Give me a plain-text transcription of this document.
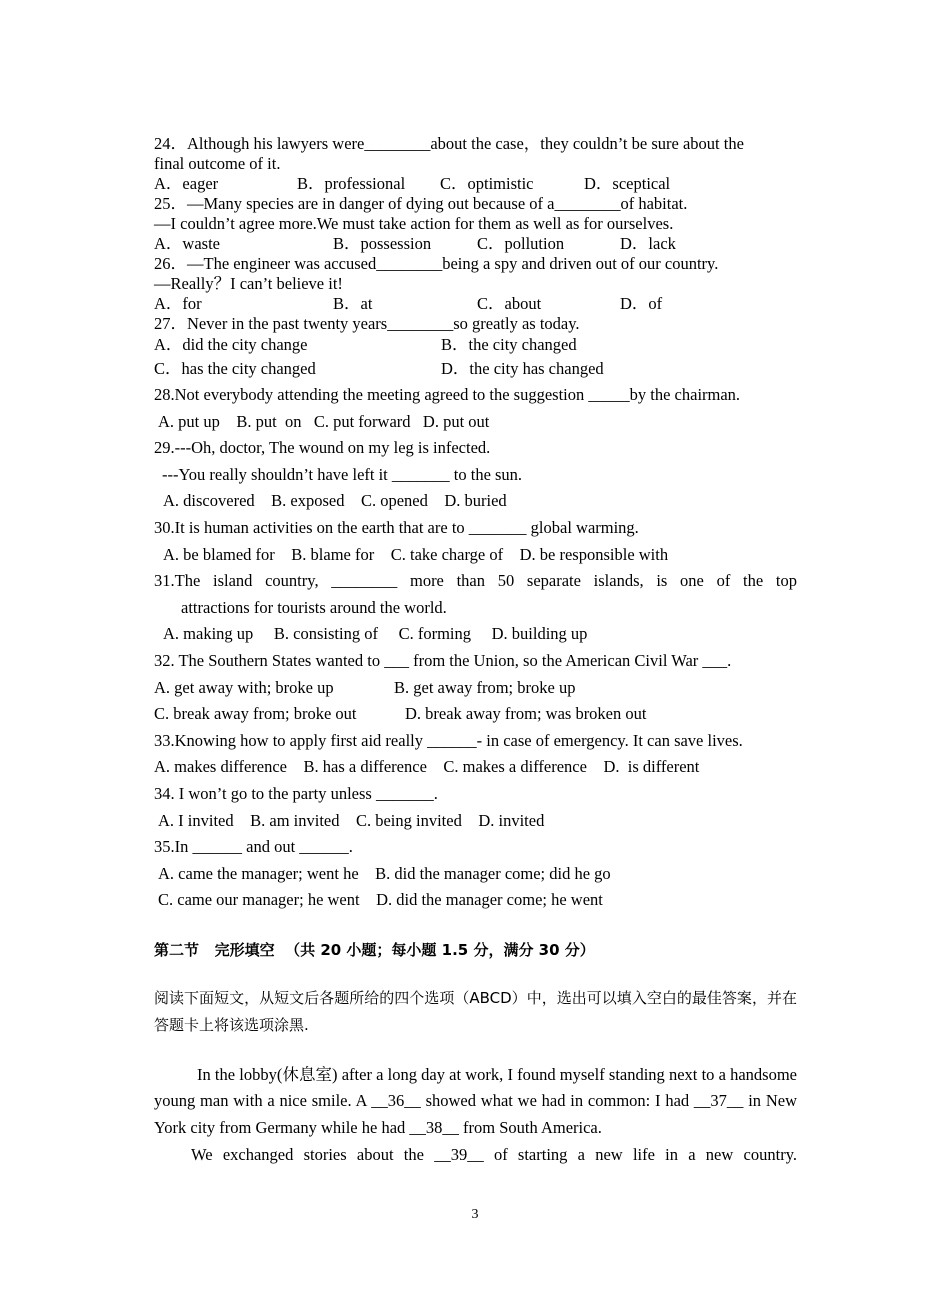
24．Although his lawyers were________about the case，they couldn’t be sure about the

final outcome of it.

A．eager	B．professional	C．optimistic	D．sceptical

25．—Many species are in danger of dying out because of a________of habitat.

—I couldn’t agree more.We must take action for them as well as for ourselves.

A．waste	B．possession	C．pollution	D．lack

26．—The engineer was accused________being a spy and driven out of our country.

—Really？I can’t believe it!

A．for	B．at	C．about	D．of

27．Never in the past twenty years________so greatly as today.

A．did the city change	B．the city changed
C．has the city changed	D．the city has changed

28.Not everybody attending the meeting agreed to the suggestion _____by the chairman.

A. put up    B. put  on   C. put forward   D. put out

29.---Oh, doctor, The wound on my leg is infected.

---You really shouldn’t have left it _______ to the sun.

A. discovered    B. exposed    C. opened    D. buried

30.It is human activities on the earth that are to _______ global warming.

A. be blamed for    B. blame for    C. take charge of    D. be responsible with

31.The island country, ________ more than 50 separate islands, is one of the top

attractions for tourists around the world.

A. making up     B. consisting of     C. forming     D. building up

32. The Southern States wanted to ___ from the Union, so the American Civil War ___.

A. get away with; broke up	B. get away from; broke up
C. break away from; broke out	D. break away from; was broken out

33.Knowing how to apply first aid really ______- in case of emergency. It can save lives.

A. makes difference    B. has a difference    C. makes a difference    D.  is different

34. I won’t go to the party unless _______.

A. I invited    B. am invited    C. being invited    D. invited

35.In ______ and out ______.

A. came the manager; went he    B. did the manager come; did he go

C. came our manager; he went    D. did the manager come; he went

第二节   完形填空  （共 20 小题；每小题 1.5 分，满分 30 分）

阅读下面短文，从短文后各题所给的四个选项（ABCD）中，选出可以填入空白的最佳答案，并在答题卡上将该选项涂黑.

In the lobby(休息室) after a long day at work, I found myself standing next to a handsome young man with a nice smile. A __36__ showed what we had in common: I had __37__ in New York city from Germany while he had __38__ from South America.

We exchanged stories about the __39__ of starting a new life in a new country.

3
